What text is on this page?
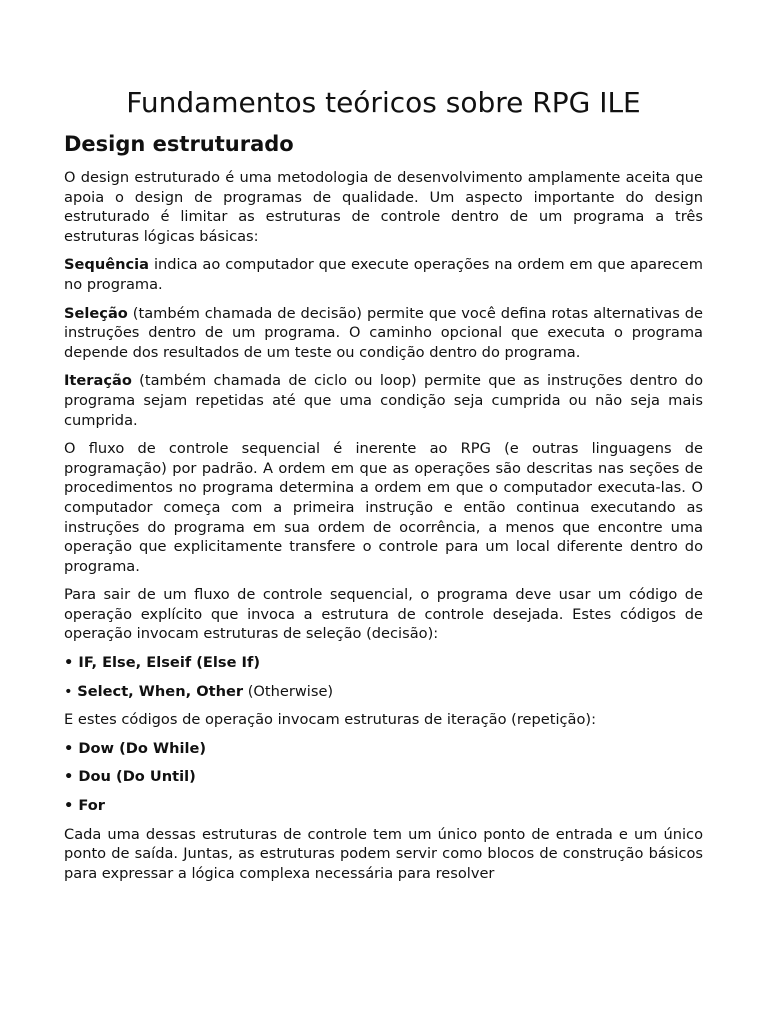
Fundamentos teóricos sobre RPG ILE
Design estruturado

O design estruturado é uma metodologia de desenvolvimento amplamente aceita que apoia o design de programas de qualidade. Um aspecto importante do design estruturado é limitar as estruturas de controle dentro de um programa a três estruturas lógicas básicas:

Sequência indica ao computador que execute operações na ordem em que aparecem no programa.

Seleção (também chamada de decisão) permite que você defina rotas alternativas de instruções dentro de um programa. O caminho opcional que executa o programa depende dos resultados de um teste ou condição dentro do programa.

Iteração (também chamada de ciclo ou loop) permite que as instruções dentro do programa sejam repetidas até que uma condição seja cumprida ou não seja mais cumprida.

O fluxo de controle sequencial é inerente ao RPG (e outras linguagens de programação) por padrão. A ordem em que as operações são descritas nas seções de procedimentos no programa determina a ordem em que o computador executa-las. O computador começa com a primeira instrução e então continua executando as instruções do programa em sua ordem de ocorrência, a menos que encontre uma operação que explicitamente transfere o controle para um local diferente dentro do programa.

Para sair de um fluxo de controle sequencial, o programa deve usar um código de operação explícito que invoca a estrutura de controle desejada. Estes códigos de operação invocam estruturas de seleção (decisão):

• IF, Else, Elseif (Else If)

• Select, When, Other (Otherwise)

E estes códigos de operação invocam estruturas de iteração (repetição):

• Dow (Do While)

• Dou (Do Until)

• For

Cada uma dessas estruturas de controle tem um único ponto de entrada e um único ponto de saída. Juntas, as estruturas podem servir como blocos de construção básicos para expressar a lógica complexa necessária para resolver
